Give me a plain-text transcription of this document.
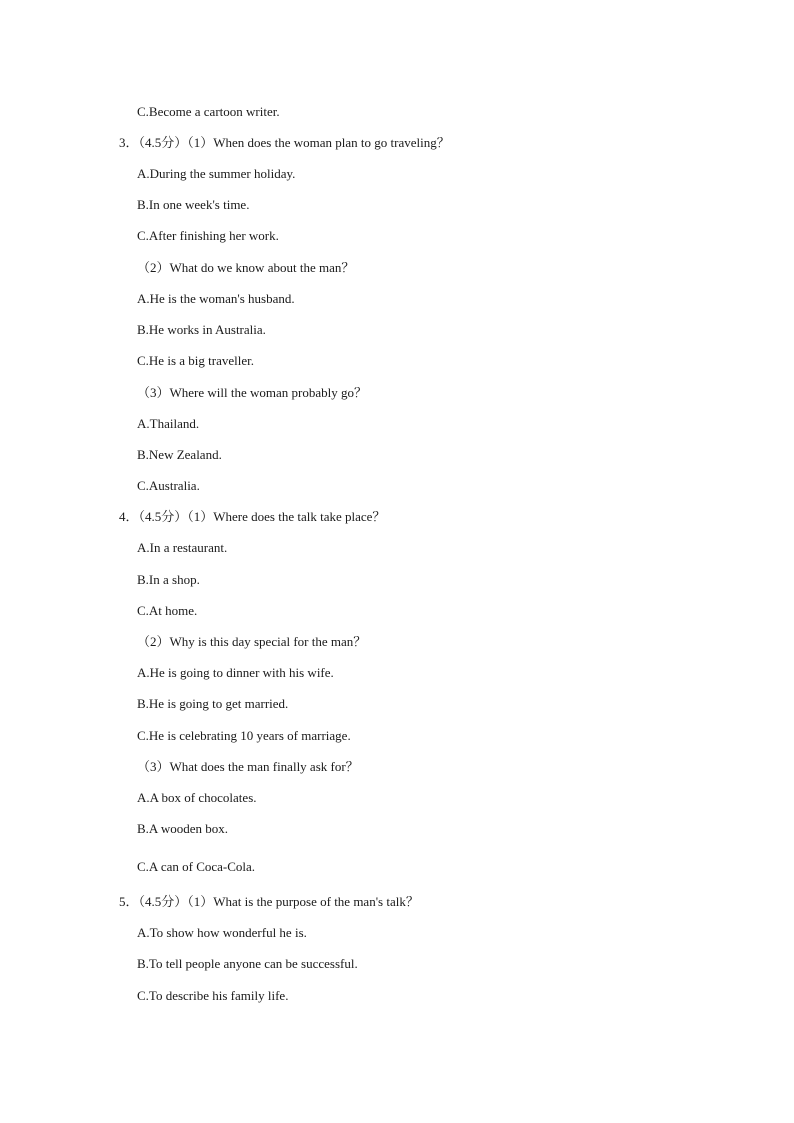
C.Become a cartoon writer.
3．（4.5分）（1）When does the woman plan to go traveling？
A.During the summer holiday.
B.In one week's time.
C.After finishing her work.
（2）What do we know about the man？
A.He is the woman's husband.
B.He works in Australia.
C.He is a big traveller.
（3）Where will the woman probably go？
A.Thailand.
B.New Zealand.
C.Australia.
4．（4.5分）（1）Where does the talk take place？
A.In a restaurant.
B.In a shop.
C.At home.
（2）Why is this day special for the man？
A.He is going to dinner with his wife.
B.He is going to get married.
C.He is celebrating 10 years of marriage.
（3）What does the man finally ask for？
A.A box of chocolates.
B.A wooden box.
C.A can of Coca-Cola.
5．（4.5分）（1）What is the purpose of the man's talk？
A.To show how wonderful he is.
B.To tell people anyone can be successful.
C.To describe his family life.
